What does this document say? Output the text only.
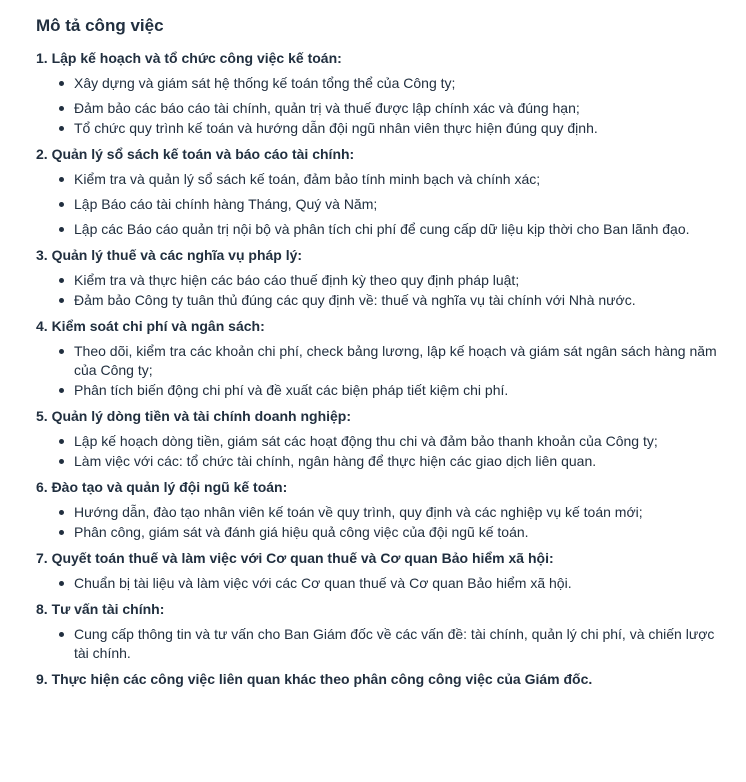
Mô tả công việc
1. Lập kế hoạch và tổ chức công việc kế toán:
Xây dựng và giám sát hệ thống kế toán tổng thể của Công ty;
Đảm bảo các báo cáo tài chính, quản trị và thuế được lập chính xác và đúng hạn;
Tổ chức quy trình kế toán và hướng dẫn đội ngũ nhân viên thực hiện đúng quy định.
2. Quản lý sổ sách kế toán và báo cáo tài chính:
Kiểm tra và quản lý sổ sách kế toán, đảm bảo tính minh bạch và chính xác;
Lập Báo cáo tài chính hàng Tháng, Quý và Năm;
Lập các Báo cáo quản trị nội bộ và phân tích chi phí để cung cấp dữ liệu kịp thời cho Ban lãnh đạo.
3. Quản lý thuế và các nghĩa vụ pháp lý:
Kiểm tra và thực hiện các báo cáo thuế định kỳ theo quy định pháp luật;
Đảm bảo Công ty tuân thủ đúng các quy định về: thuế và nghĩa vụ tài chính với Nhà nước.
4. Kiểm soát chi phí và ngân sách:
Theo dõi, kiểm tra các khoản chi phí, check bảng lương, lập kế hoạch và giám sát ngân sách hàng năm của Công ty;
Phân tích biến động chi phí và đề xuất các biện pháp tiết kiệm chi phí.
5. Quản lý dòng tiền và tài chính doanh nghiệp:
Lập kế hoạch dòng tiền, giám sát các hoạt động thu chi và đảm bảo thanh khoản của Công ty;
Làm việc với các: tổ chức tài chính, ngân hàng để thực hiện các giao dịch liên quan.
6. Đào tạo và quản lý đội ngũ kế toán:
Hướng dẫn, đào tạo nhân viên kế toán về quy trình, quy định và các nghiệp vụ kế toán mới;
Phân công, giám sát và đánh giá hiệu quả công việc của đội ngũ kế toán.
7. Quyết toán thuế và làm việc với Cơ quan thuế và Cơ quan Bảo hiểm xã hội:
Chuẩn bị tài liệu và làm việc với các Cơ quan thuế và Cơ quan Bảo hiểm xã hội.
8. Tư vấn tài chính:
Cung cấp thông tin và tư vấn cho Ban Giám đốc về các vấn đề: tài chính, quản lý chi phí, và chiến lược tài chính.
9. Thực hiện các công việc liên quan khác theo phân công công việc của Giám đốc.
